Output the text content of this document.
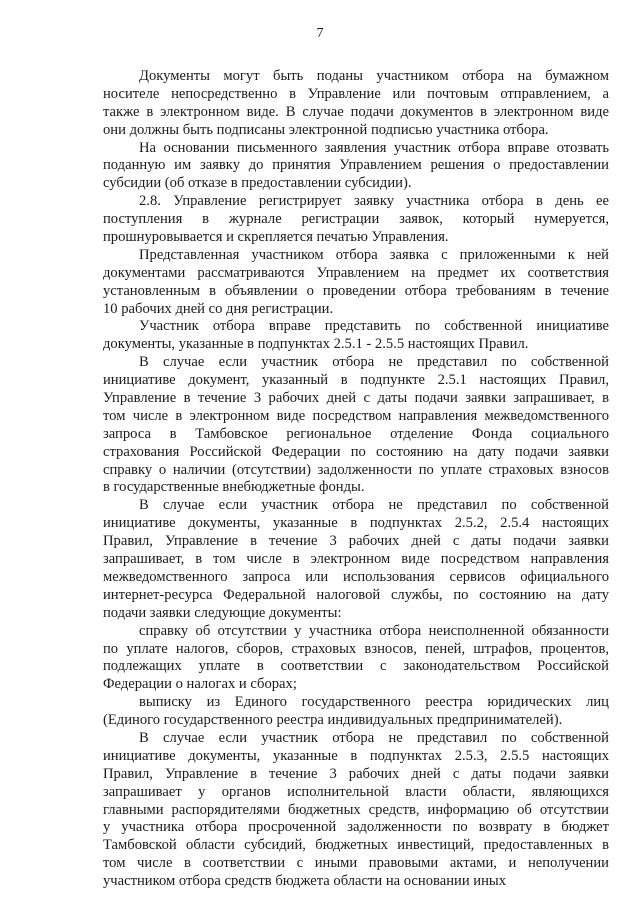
7
Документы могут быть поданы участником отбора на бумажном
носителе непосредственно в Управление или почтовым отправлением, а
также в электронном виде. В случае подачи документов в электронном виде
они должны быть подписаны электронной подписью участника отбора.
На основании письменного заявления участник отбора вправе отозвать
поданную им заявку до принятия Управлением решения о предоставлении
субсидии (об отказе в предоставлении субсидии).
2.8. Управление регистрирует заявку участника отбора в день ее
поступления в журнале регистрации заявок, который нумеруется,
прошнуровывается и скрепляется печатью Управления.
Представленная участником отбора заявка с приложенными к ней
документами рассматриваются Управлением на предмет их соответствия
установленным в объявлении о проведении отбора требованиям в течение
10 рабочих дней со дня регистрации.
Участник отбора вправе представить по собственной инициативе
документы, указанные в подпунктах 2.5.1 - 2.5.5 настоящих Правил.
В случае если участник отбора не представил по собственной
инициативе документ, указанный в подпункте 2.5.1 настоящих Правил,
Управление в течение 3 рабочих дней с даты подачи заявки запрашивает, в
том числе в электронном виде посредством направления межведомственного
запроса в Тамбовское региональное отделение Фонда социального
страхования Российской Федерации по состоянию на дату подачи заявки
справку о наличии (отсутствии) задолженности по уплате страховых взносов
в государственные внебюджетные фонды.
В случае если участник отбора не представил по собственной
инициативе документы, указанные в подпунктах 2.5.2, 2.5.4 настоящих
Правил, Управление в течение 3 рабочих дней с даты подачи заявки
запрашивает, в том числе в электронном виде посредством направления
межведомственного запроса или использования сервисов официального
интернет-ресурса Федеральной налоговой службы, по состоянию на дату
подачи заявки следующие документы:
справку об отсутствии у участника отбора неисполненной обязанности
по уплате налогов, сборов, страховых взносов, пеней, штрафов, процентов,
подлежащих уплате в соответствии с законодательством Российской
Федерации о налогах и сборах;
выписку из Единого государственного реестра юридических лиц
(Единого государственного реестра индивидуальных предпринимателей).
В случае если участник отбора не представил по собственной
инициативе документы, указанные в подпунктах 2.5.3, 2.5.5 настоящих
Правил, Управление в течение 3 рабочих дней с даты подачи заявки
запрашивает у органов исполнительной власти области, являющихся
главными распорядителями бюджетных средств, информацию об отсутствии
у участника отбора просроченной задолженности по возврату в бюджет
Тамбовской области субсидий, бюджетных инвестиций, предоставленных в
том числе в соответствии с иными правовыми актами, и неполучении
участником отбора средств бюджета области на основании иных
